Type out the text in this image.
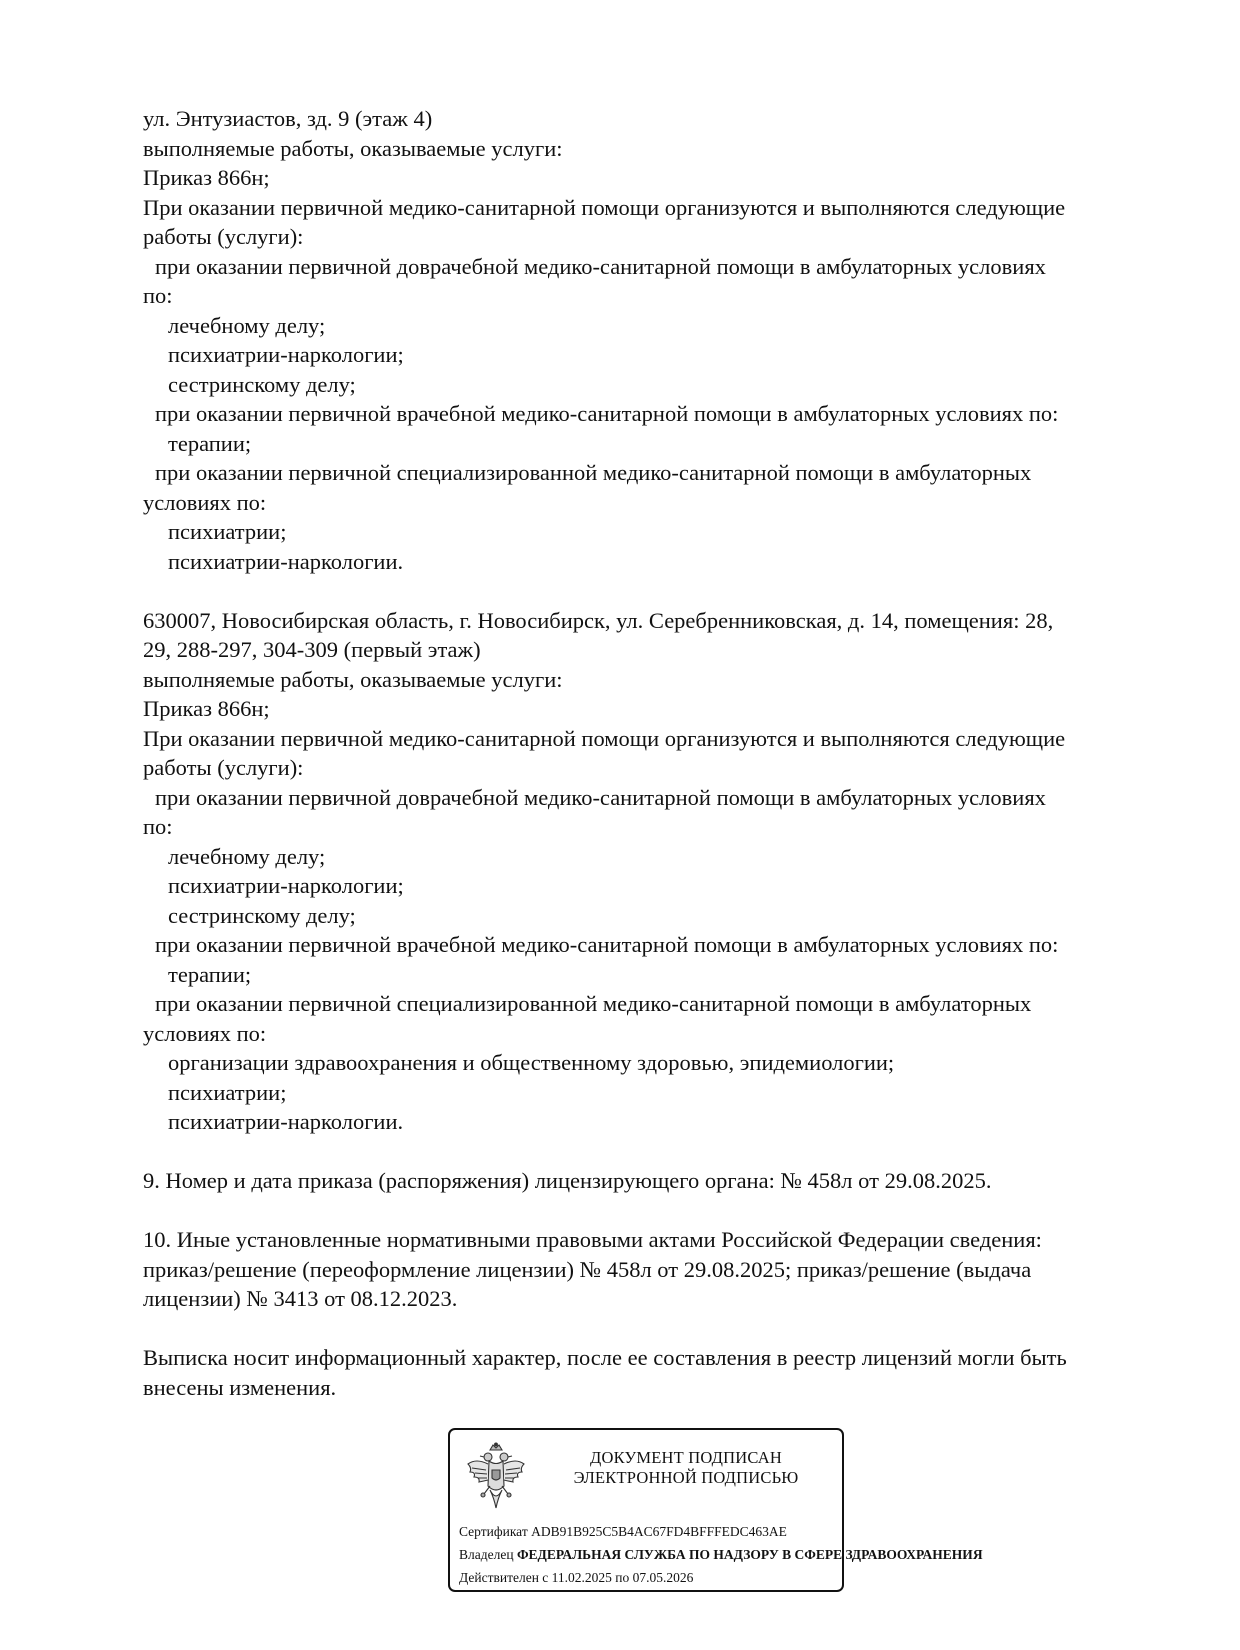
ул. Энтузиастов, зд. 9 (этаж 4)
выполняемые работы, оказываемые услуги:
Приказ 866н;
При оказании первичной медико-санитарной помощи организуются и выполняются следующие
работы (услуги):
при оказании первичной доврачебной медико-санитарной помощи в амбулаторных условиях
по:
лечебному делу;
психиатрии-наркологии;
сестринскому делу;
при оказании первичной врачебной медико-санитарной помощи в амбулаторных условиях по:
терапии;
при оказании первичной специализированной медико-санитарной помощи в амбулаторных
условиях по:
психиатрии;
психиатрии-наркологии.
630007, Новосибирская область, г. Новосибирск, ул. Серебренниковская, д. 14, помещения: 28,
29, 288-297, 304-309 (первый этаж)
выполняемые работы, оказываемые услуги:
Приказ 866н;
При оказании первичной медико-санитарной помощи организуются и выполняются следующие
работы (услуги):
при оказании первичной доврачебной медико-санитарной помощи в амбулаторных условиях
по:
лечебному делу;
психиатрии-наркологии;
сестринскому делу;
при оказании первичной врачебной медико-санитарной помощи в амбулаторных условиях по:
терапии;
при оказании первичной специализированной медико-санитарной помощи в амбулаторных
условиях по:
организации здравоохранения и общественному здоровью, эпидемиологии;
психиатрии;
психиатрии-наркологии.
9. Номер и дата приказа (распоряжения) лицензирующего органа: № 458л от 29.08.2025.
10. Иные установленные нормативными правовыми актами Российской Федерации сведения:
приказ/решение (переоформление лицензии) № 458л от 29.08.2025; приказ/решение (выдача
лицензии) № 3413 от 08.12.2023.
Выписка носит информационный характер, после ее составления в реестр лицензий могли быть
внесены изменения.
ДОКУМЕНТ ПОДПИСАН
ЭЛЕКТРОННОЙ ПОДПИСЬЮ
Сертификат ADB91B925C5B4AC67FD4BFFFEDC463AE
Владелец ФЕДЕРАЛЬНАЯ СЛУЖБА ПО НАДЗОРУ В СФЕРЕ ЗДРАВООХРАНЕНИЯ
Действителен с 11.02.2025 по 07.05.2026
